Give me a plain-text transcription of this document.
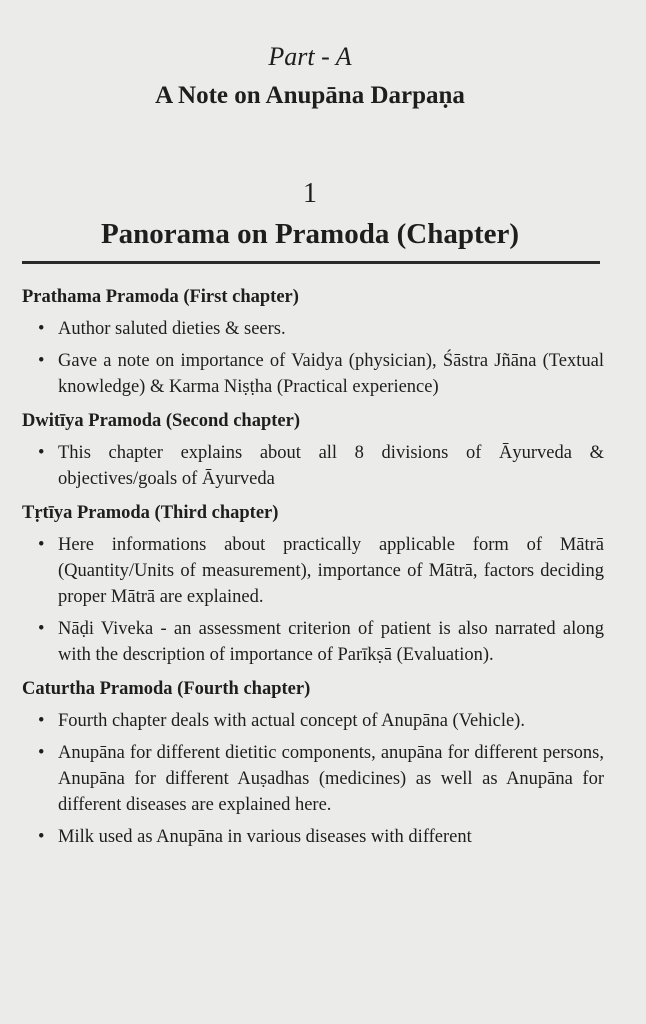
Part - A
A Note on Anupāna Darpaṇa
1
Panorama on Pramoda (Chapter)
Prathama Pramoda (First chapter)
• Author saluted dieties & seers.
• Gave a note on importance of Vaidya (physician), Śāstra Jñāna (Textual knowledge) & Karma Niṣṭha (Practical experience)
Dwitīya Pramoda (Second chapter)
• This chapter explains about all 8 divisions of Āyurveda & objectives/goals of Āyurveda
Tṛtīya Pramoda (Third chapter)
• Here informations about practically applicable form of Mātrā (Quantity/Units of measurement), importance of Mātrā, factors deciding proper Mātrā are explained.
• Nāḍi Viveka - an assessment criterion of patient is also narrated along with the description of importance of Parīkṣā (Evaluation).
Caturtha Pramoda (Fourth chapter)
• Fourth chapter deals with actual concept of Anupāna (Vehicle).
• Anupāna for different dietitic components, anupāna for different persons, Anupāna for different Auṣadhas (medicines) as well as Anupāna for different diseases are explained here.
• Milk used as Anupāna in various diseases with different
